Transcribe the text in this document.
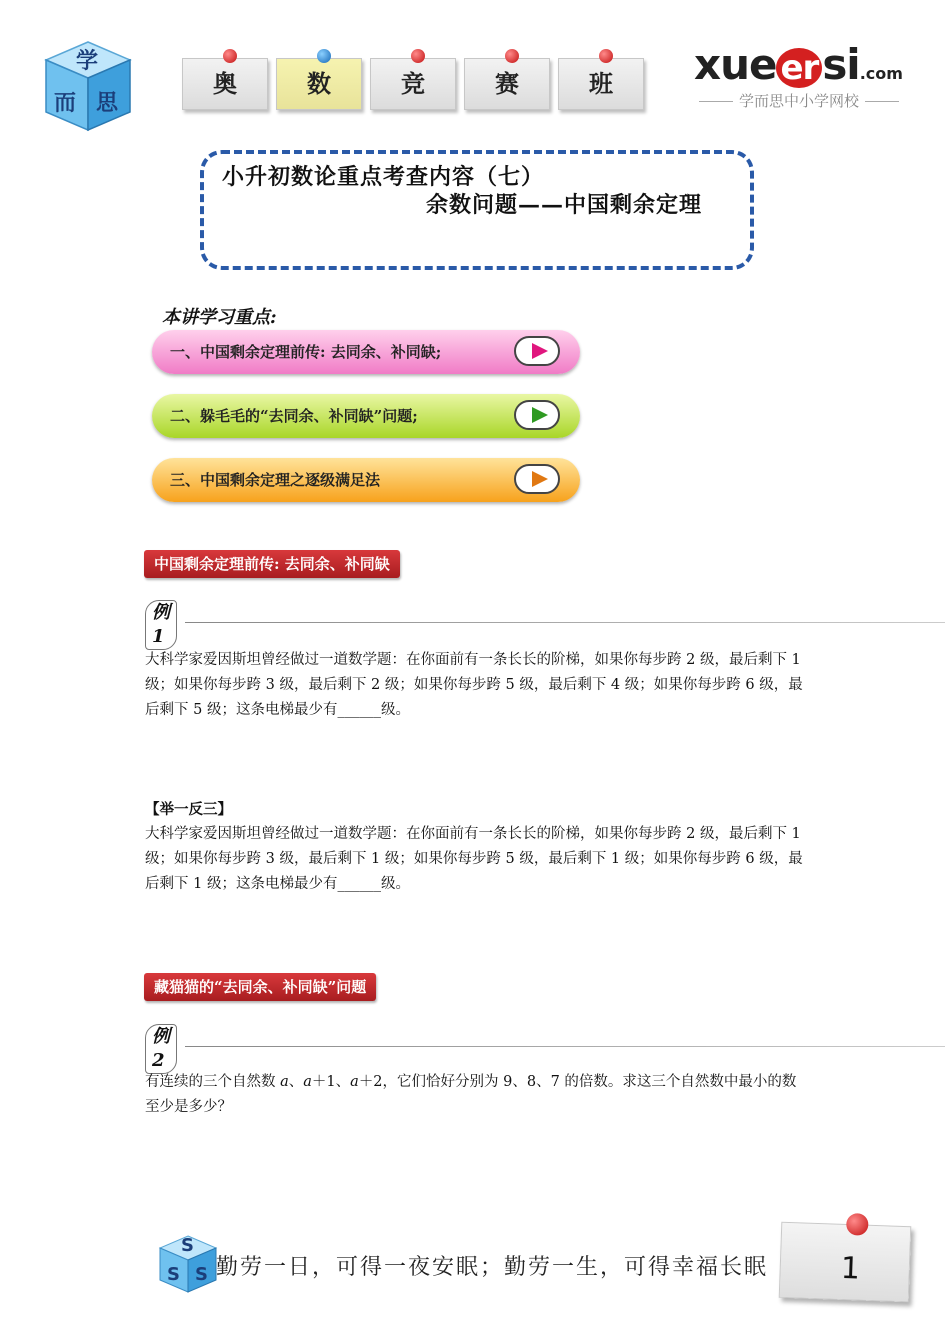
学
而 思
奥	数	竞	赛	班	xue ersi.com
学而思中小学网校
小升初数论重点考查内容（七）
余数问题——中国剩余定理
本讲学习重点:
一、中国剩余定理前传: 去同余、补同缺;
二、躲毛毛的“去同余、补同缺”问题;
三、中国剩余定理之逐级满足法
中国剩余定理前传: 去同余、补同缺
例1
大科学家爱因斯坦曾经做过一道数学题：在你面前有一条长长的阶梯，如果你每步跨 2 级，最后剩下 1 级；如果你每步跨 3 级，最后剩下 2 级；如果你每步跨 5 级，最后剩下 4 级；如果你每步跨 6 级，最后剩下 5 级；这条电梯最少有______级。
【举一反三】
大科学家爱因斯坦曾经做过一道数学题：在你面前有一条长长的阶梯，如果你每步跨 2 级，最后剩下 1 级；如果你每步跨 3 级，最后剩下 1 级；如果你每步跨 5 级，最后剩下 1 级；如果你每步跨 6 级，最后剩下 1 级；这条电梯最少有______级。
藏猫猫的“去同余、补同缺”问题
例2
有连续的三个自然数 a、a＋1、a＋2，它们恰好分别为 9、8、7 的倍数。求这三个自然数中最小的数至少是多少？
S
S S 勤劳一日，可得一夜安眠；勤劳一生，可得幸福长眠 1
